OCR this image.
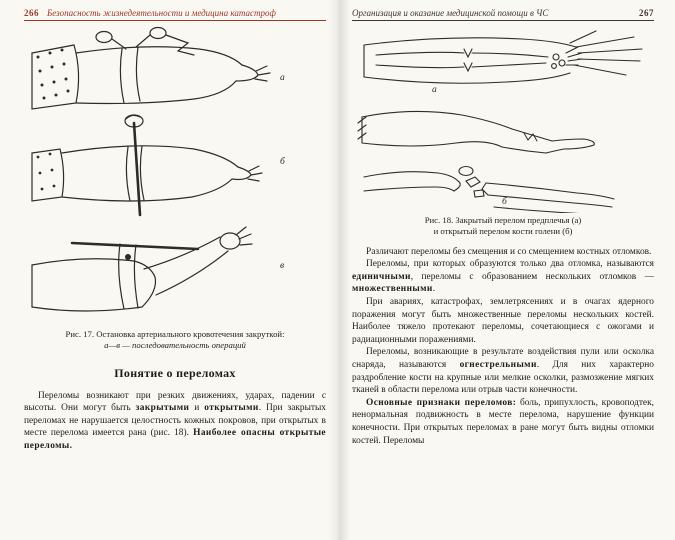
266 Безопасность жизнедеятельности и медицина катастроф
а
б
в
Рис. 17. Остановка артериального кровотечения закруткой:
а—в — последовательность операций
Понятие о переломах

Переломы возникают при резких движениях, ударах, падении с высоты. Они могут быть закрытыми и открытыми. При закрытых переломах не нарушается целостность кожных покровов, при открытых в месте перелома имеется рана (рис. 18). Наиболее опасны открытые переломы.

Организация и оказание медицинской помощи в ЧС	267
а
б
Рис. 18. Закрытый перелом предплечья (а)
и открытый перелом кости голени (б)

Различают переломы без смещения и со смещением костных отломков.

Переломы, при которых образуются только два отломка, называются единичными, переломы с образованием нескольких отломков — множественными.

При авариях, катастрофах, землетрясениях и в очагах ядерного поражения могут быть множественные переломы нескольких костей. Наиболее тяжело протекают переломы, сочетающиеся с ожогами и радиационными поражениями.

Переломы, возникающие в результате воздействия пули или осколка снаряда, называются огнестрельными. Для них характерно раздробление кости на крупные или мелкие осколки, размозжение мягких тканей в области перелома или отрыв части конечности.

Основные признаки переломов: боль, припухлость, кровоподтек, ненормальная подвижность в месте перелома, нарушение функции конечности. При открытых переломах в ране могут быть видны отломки костей. Переломы
